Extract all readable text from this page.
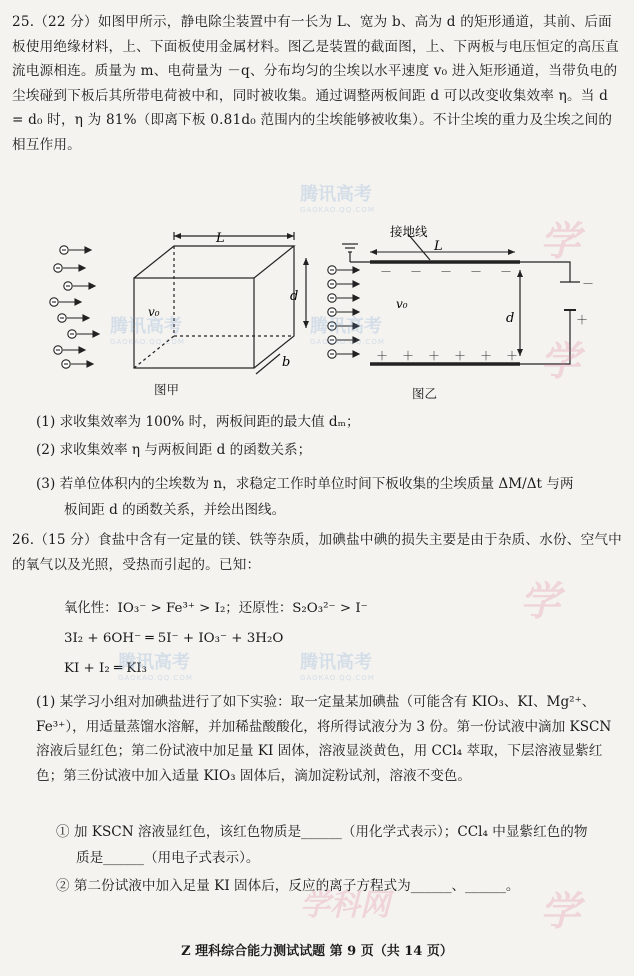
25.（22 分）如图甲所示，静电除尘装置中有一长为 L、宽为 b、高为 d 的矩形通道，其前、后面板使用绝缘材料，上、下面板使用金属材料。图乙是装置的截面图，上、下两板与电压恒定的高压直流电源相连。质量为 m、电荷量为 －q、分布均匀的尘埃以水平速度 v₀ 进入矩形通道，当带负电的尘埃碰到下板后其所带电荷被中和，同时被收集。通过调整两板间距 d 可以改变收集效率 η。当 d = d₀ 时，η 为 81%（即离下板 0.81d₀ 范围内的尘埃能够被收集）。不计尘埃的重力及尘埃之间的相互作用。
L
d
b
v₀
图甲
－ － － － －
－
＋ ＋ ＋ ＋ ＋ ＋
＋
接地线
L
d
v₀
图乙
(1) 求收集效率为 100% 时，两板间距的最大值 dₘ；
(2) 求收集效率 η 与两板间距 d 的函数关系；
(3) 若单位体积内的尘埃数为 n，求稳定工作时单位时间下板收集的尘埃质量 ΔM/Δt 与两
板间距 d 的函数关系，并绘出图线。
26.（15 分）食盐中含有一定量的镁、铁等杂质，加碘盐中碘的损失主要是由于杂质、水份、空气中的氧气以及光照，受热而引起的。已知：
氧化性：IO₃⁻ > Fe³⁺ > I₂；还原性：S₂O₃²⁻ > I⁻
3I₂ + 6OH⁻ ═ 5I⁻ + IO₃⁻ + 3H₂O
KI + I₂ ═ KI₃
(1) 某学习小组对加碘盐进行了如下实验：取一定量某加碘盐（可能含有 KIO₃、KI、Mg²⁺、Fe³⁺），用适量蒸馏水溶解，并加稀盐酸酸化，将所得试液分为 3 份。第一份试液中滴加 KSCN 溶液后显红色；第二份试液中加足量 KI 固体，溶液显淡黄色，用 CCl₄ 萃取，下层溶液显紫红色；第三份试液中加入适量 KIO₃ 固体后，滴加淀粉试剂，溶液不变色。
① 加 KSCN 溶液显红色，该红色物质是______（用化学式表示）；CCl₄ 中显紫红色的物
质是______（用电子式表示）。
② 第二份试液中加入足量 KI 固体后，反应的离子方程式为______、______。
Z 理科综合能力测试试题 第 9 页（共 14 页）
腾讯高考
GAOKAO.QQ.COM
腾讯高考
GAOKAO.QQ.COM
腾讯高考
GAOKAO.QQ.COM
腾讯高考
GAOKAO.QQ.COM
腾讯高考
GAOKAO.QQ.COM
学
学
学
学
学科网
